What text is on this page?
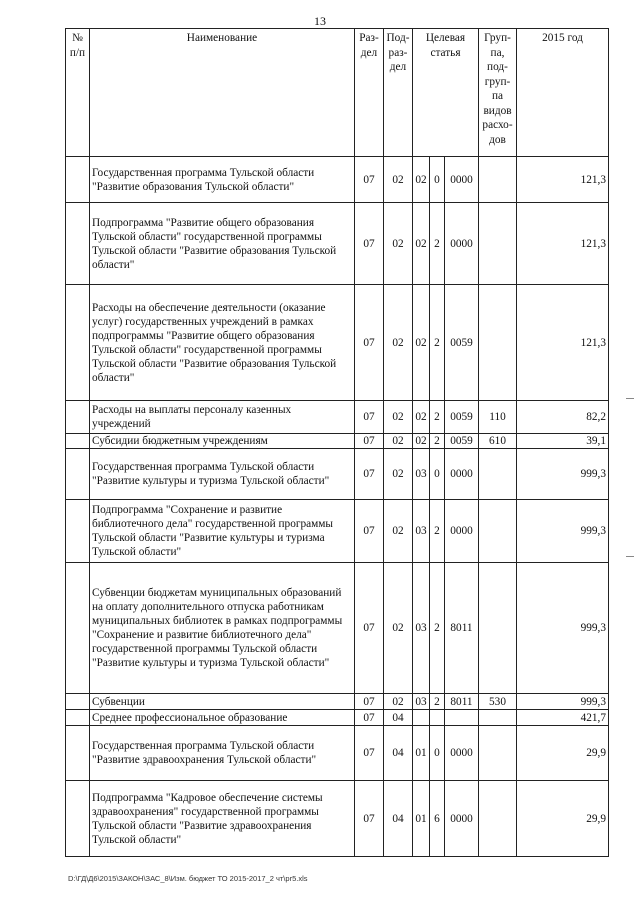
13
№ п/п	Наименование	Раз-дел	Под-раз-дел	Целевая статья			Груп-па, под-груп-па видов расхо-дов	2015 год
	Государственная программа Тульской области "Развитие образования Тульской области"	07	02	02	0	0000		121,3
	Подпрограмма "Развитие общего образования Тульской области" государственной программы Тульской области "Развитие образования Тульской области"	07	02	02	2	0000		121,3
	Расходы на обеспечение деятельности (оказание услуг) государственных учреждений в рамках подпрограммы "Развитие общего образования Тульской области" государственной программы Тульской области "Развитие образования Тульской области"	07	02	02	2	0059		121,3
	Расходы на выплаты персоналу казенных учреждений	07	02	02	2	0059	110	82,2
	Субсидии бюджетным учреждениям	07	02	02	2	0059	610	39,1
	Государственная программа Тульской области "Развитие культуры и туризма Тульской области"	07	02	03	0	0000		999,3
	Подпрограмма "Сохранение и развитие библиотечного дела" государственной программы Тульской области "Развитие культуры и туризма Тульской области"	07	02	03	2	0000		999,3
	Субвенции бюджетам муниципальных образований на оплату дополнительного отпуска работникам муниципальных библиотек в рамках подпрограммы "Сохранение и развитие библиотечного дела" государственной программы Тульской области "Развитие культуры и туризма Тульской области"	07	02	03	2	8011		999,3
	Субвенции	07	02	03	2	8011	530	999,3
	Среднее профессиональное образование	07	04					421,7
	Государственная программа Тульской области "Развитие здравоохранения Тульской области"	07	04	01	0	0000		29,9
	Подпрограмма "Кадровое обеспечение системы здравоохранения" государственной программы Тульской области "Развитие здравоохранения Тульской области"	07	04	01	6	0000		29,9
D:\ГД\Д6\2015\ЗАКОН\ЗАС_8\Изм. бюджет ТО 2015-2017_2 чт\pr5.xls
